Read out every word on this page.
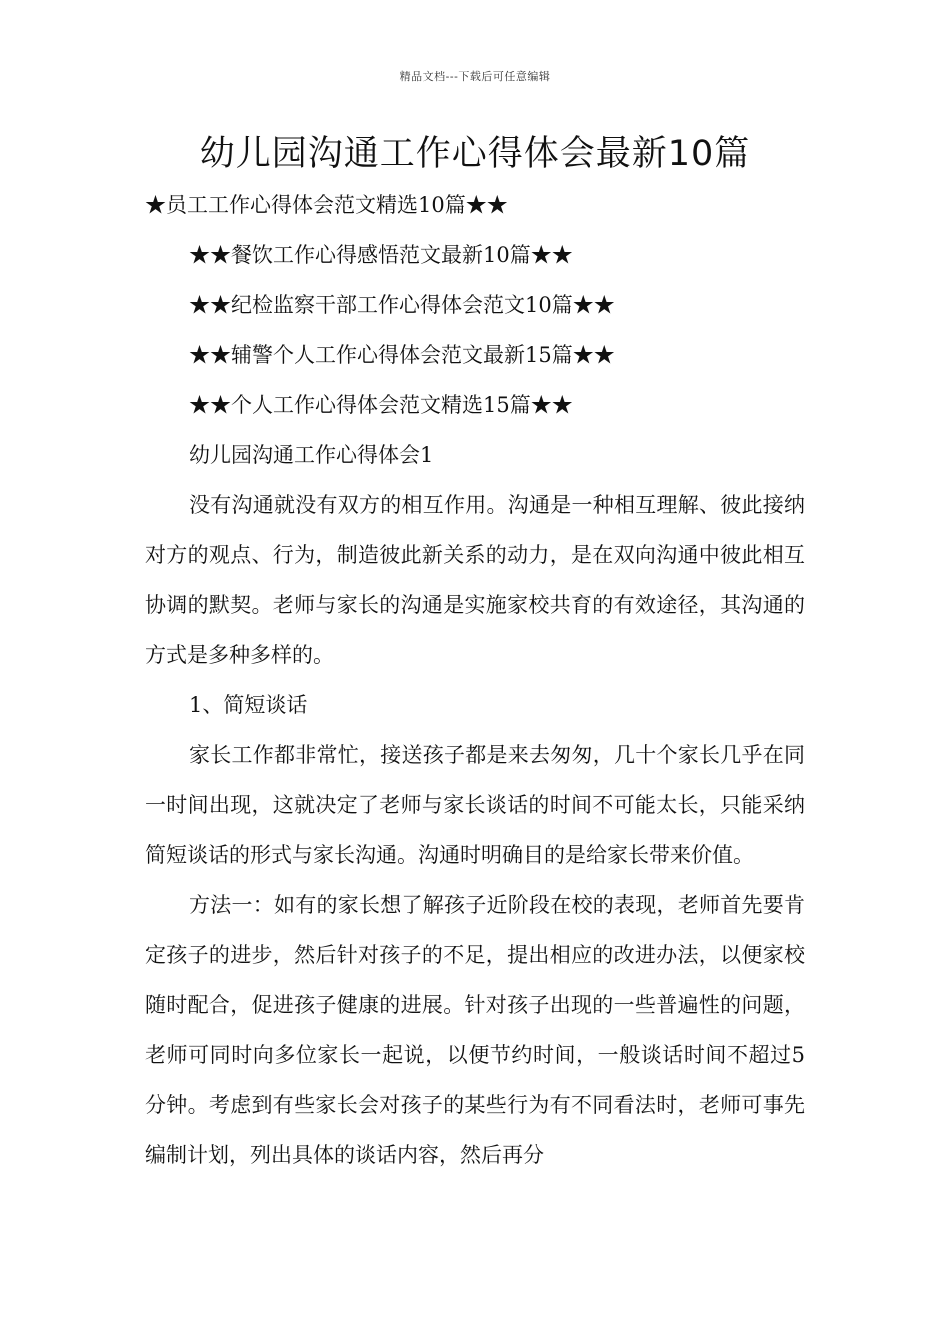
精品文档---下载后可任意编辑
幼儿园沟通工作心得体会最新10篇

★员工工作心得体会范文精选10篇★★

★★餐饮工作心得感悟范文最新10篇★★

★★纪检监察干部工作心得体会范文10篇★★

★★辅警个人工作心得体会范文最新15篇★★

★★个人工作心得体会范文精选15篇★★

幼儿园沟通工作心得体会1

没有沟通就没有双方的相互作用。沟通是一种相互理解、彼此接纳对方的观点、行为，制造彼此新关系的动力，是在双向沟通中彼此相互协调的默契。老师与家长的沟通是实施家校共育的有效途径，其沟通的方式是多种多样的。

1、简短谈话

家长工作都非常忙，接送孩子都是来去匆匆，几十个家长几乎在同一时间出现，这就决定了老师与家长谈话的时间不可能太长，只能采纳简短谈话的形式与家长沟通。沟通时明确目的是给家长带来价值。

方法一：如有的家长想了解孩子近阶段在校的表现，老师首先要肯定孩子的进步，然后针对孩子的不足，提出相应的改进办法，以便家校随时配合，促进孩子健康的进展。针对孩子出现的一些普遍性的问题，老师可同时向多位家长一起说，以便节约时间，一般谈话时间不超过5分钟。考虑到有些家长会对孩子的某些行为有不同看法时，老师可事先编制计划，列出具体的谈话内容，然后再分
